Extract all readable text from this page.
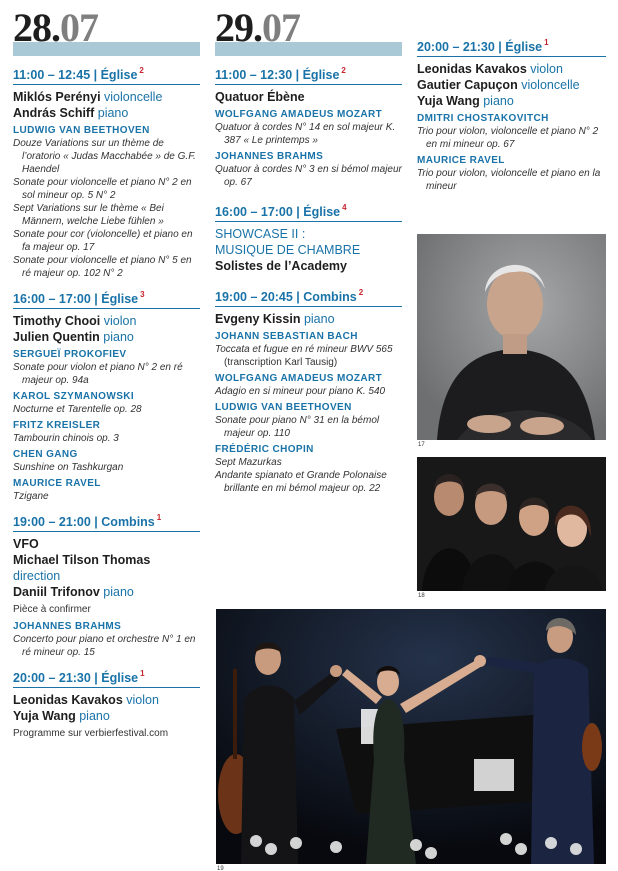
28.07
11:00 – 12:45 | Église $^2$
Miklós Perényi violoncelle
András Schiff piano
LUDWIG VAN BEETHOVEN
Douze Variations sur un thème de l’oratorio « Judas Macchabée » de G.F. Haendel
Sonate pour violoncelle et piano N° 2 en sol mineur op. 5 N° 2
Sept Variations sur le thème « Bei Männern, welche Liebe fühlen »
Sonate pour cor (violoncelle) et piano en fa majeur op. 17
Sonate pour violoncelle et piano N° 5 en ré majeur op. 102 N° 2
16:00 – 17:00 | Église $^3$
Timothy Chooi violon
Julien Quentin piano
SERGUEÏ PROKOFIEV
Sonate pour violon et piano N° 2 en ré majeur op. 94a
KAROL SZYMANOWSKI
Nocturne et Tarentelle op. 28
FRITZ KREISLER
Tambourin chinois op. 3
CHEN GANG
Sunshine on Tashkurgan
MAURICE RAVEL
Tzigane
19:00 – 21:00 | Combins $^1$
VFO
Michael Tilson Thomas
direction
Daniil Trifonov piano
Pièce à confirmer
JOHANNES BRAHMS
Concerto pour piano et orchestre N° 1 en ré mineur op. 15
20:00 – 21:30 | Église $^1$
Leonidas Kavakos violon
Yuja Wang piano
Programme sur verbierfestival.com
29.07
11:00 – 12:30 | Église $^2$
Quatuor Ébène
WOLFGANG AMADEUS MOZART
Quatuor à cordes N° 14 en sol majeur K. 387 « Le printemps »
JOHANNES BRAHMS
Quatuor à cordes N° 3 en si bémol majeur op. 67
16:00 – 17:00 | Église $^4$
SHOWCASE II :
MUSIQUE DE CHAMBRE
Solistes de l’Academy
19:00 – 20:45 | Combins $^2$
Evgeny Kissin piano
JOHANN SEBASTIAN BACH
Toccata et fugue en ré mineur BWV 565
(transcription Karl Tausig)
WOLFGANG AMADEUS MOZART
Adagio en si mineur pour piano K. 540
LUDWIG VAN BEETHOVEN
Sonate pour piano N° 31 en la bémol majeur op. 110
FRÉDÉRIC CHOPIN
Sept Mazurkas
Andante spianato et Grande Polonaise brillante en mi bémol majeur op. 22
20:00 – 21:30 | Église $^1$
Leonidas Kavakos violon
Gautier Capuçon violoncelle
Yuja Wang piano
DMITRI CHOSTAKOVITCH
Trio pour violon, violoncelle et piano N° 2 en mi mineur op. 67
MAURICE RAVEL
Trio pour violon, violoncelle et piano en la mineur
17
18
19
